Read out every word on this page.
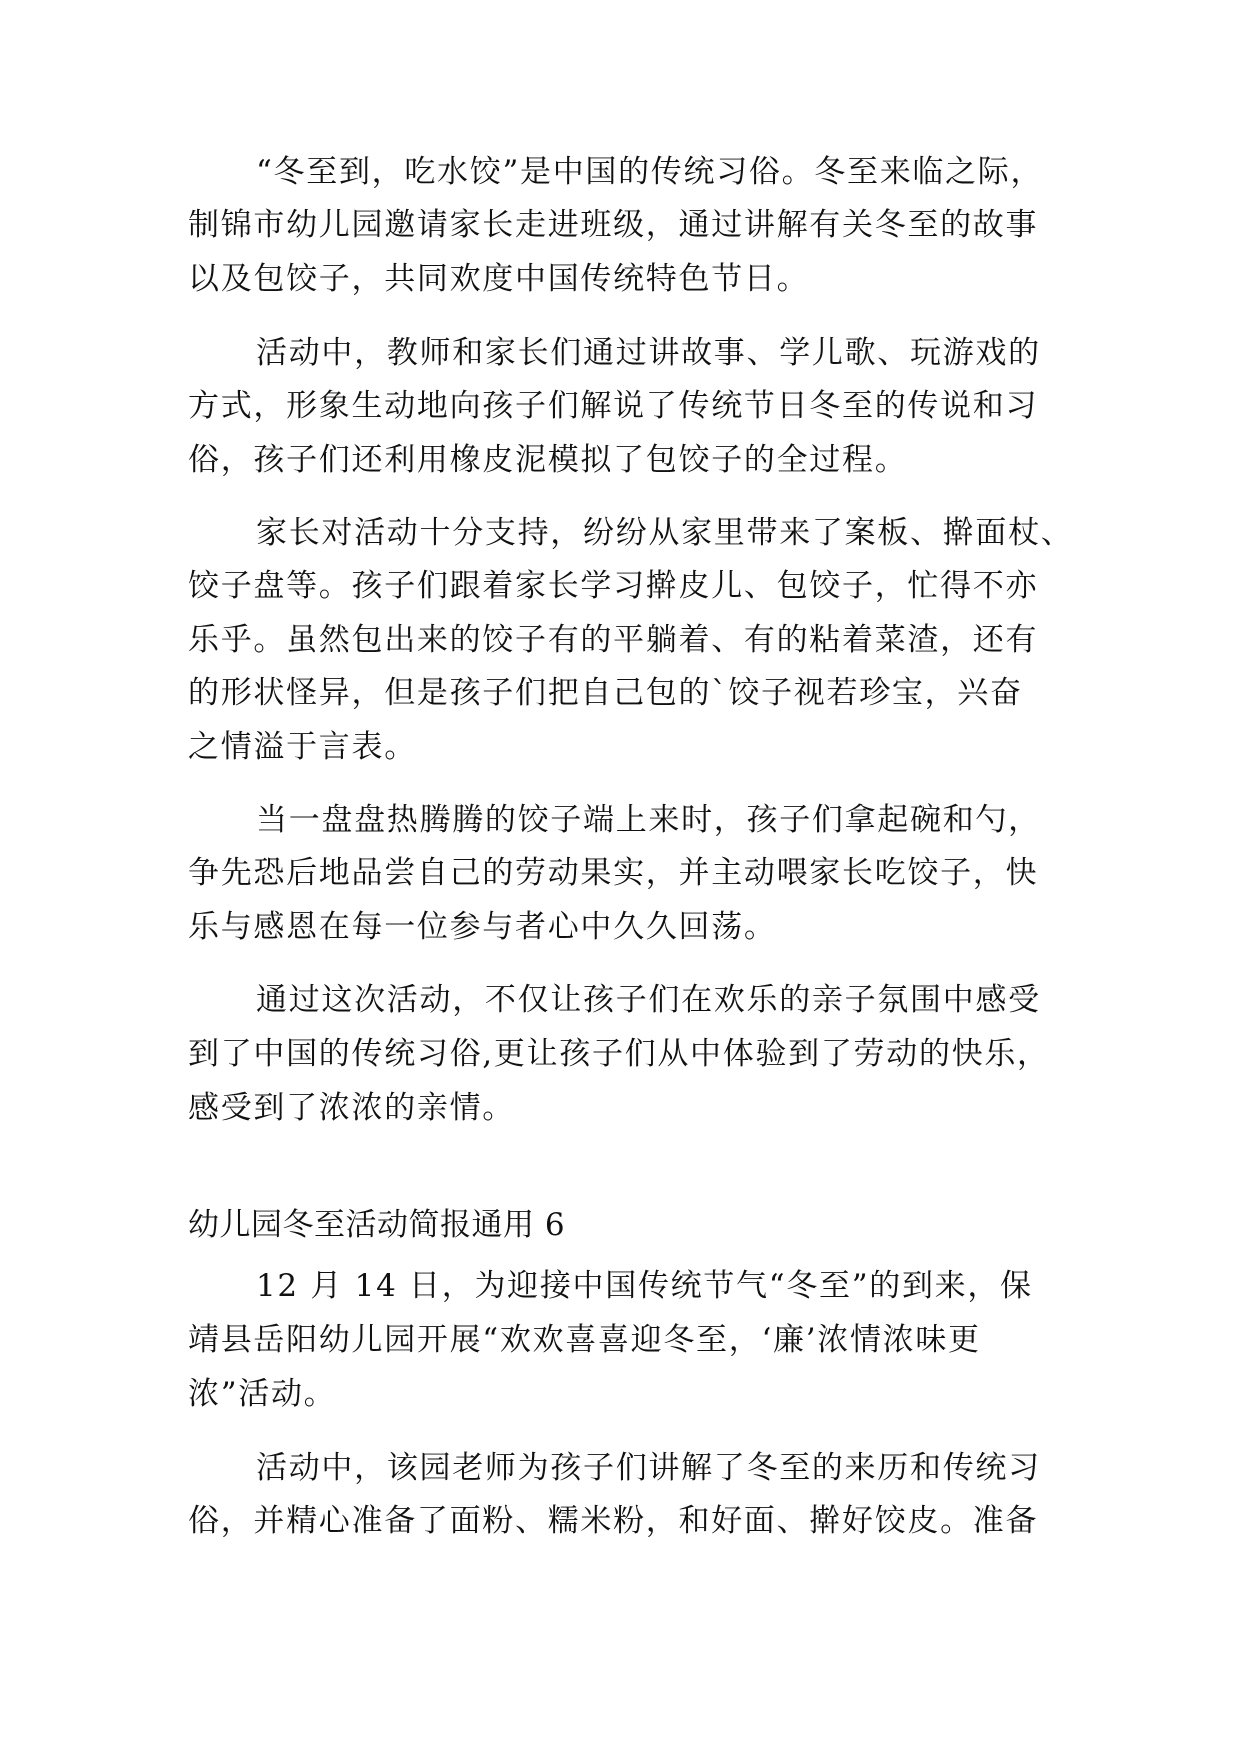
“冬至到，吃水饺”是中国的传统习俗。冬至来临之际，
制锦市幼儿园邀请家长走进班级，通过讲解有关冬至的故事
以及包饺子，共同欢度中国传统特色节日。
活动中，教师和家长们通过讲故事、学儿歌、玩游戏的
方式，形象生动地向孩子们解说了传统节日冬至的传说和习
俗，孩子们还利用橡皮泥模拟了包饺子的全过程。
家长对活动十分支持，纷纷从家里带来了案板、擀面杖、
饺子盘等。孩子们跟着家长学习擀皮儿、包饺子，忙得不亦
乐乎。虽然包出来的饺子有的平躺着、有的粘着菜渣，还有
的形状怪异，但是孩子们把自己包的`饺子视若珍宝，兴奋
之情溢于言表。
当一盘盘热腾腾的饺子端上来时，孩子们拿起碗和勺，
争先恐后地品尝自己的劳动果实，并主动喂家长吃饺子，快
乐与感恩在每一位参与者心中久久回荡。
通过这次活动，不仅让孩子们在欢乐的亲子氛围中感受
到了中国的传统习俗,更让孩子们从中体验到了劳动的快乐，
感受到了浓浓的亲情。
幼儿园冬至活动简报通用 6
12 月 14 日，为迎接中国传统节气“冬至”的到来，保
靖县岳阳幼儿园开展“欢欢喜喜迎冬至，‘廉’浓情浓味更
浓”活动。
活动中，该园老师为孩子们讲解了冬至的来历和传统习
俗，并精心准备了面粉、糯米粉，和好面、擀好饺皮。准备
